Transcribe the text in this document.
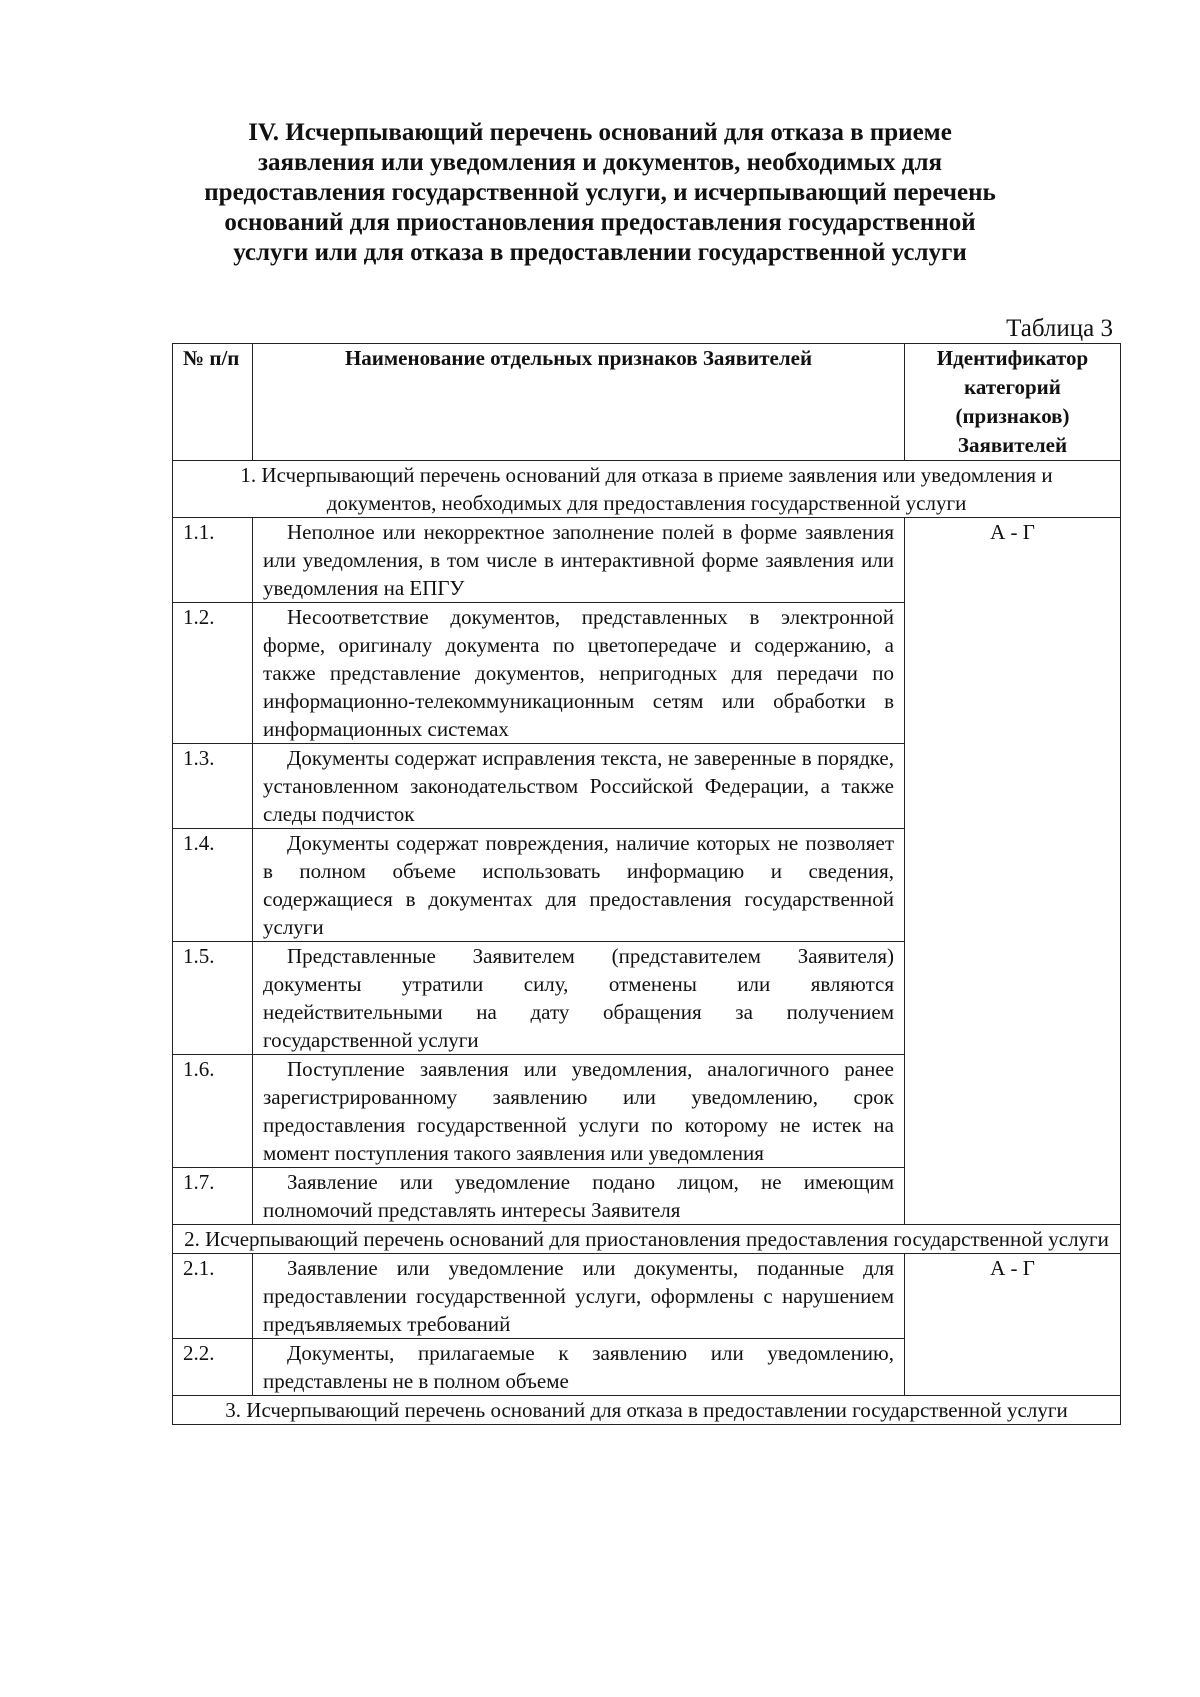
IV. Исчерпывающий перечень оснований для отказа в приеме
заявления или уведомления и документов, необходимых для
предоставления государственной услуги, и исчерпывающий перечень
оснований для приостановления предоставления государственной
услуги или для отказа в предоставлении государственной услуги
Таблица 3
№ п/п	Наименование отдельных признаков Заявителей	Идентификатор категорий (признаков) Заявителей
1. Исчерпывающий перечень оснований для отказа в приеме заявления или уведомления и документов, необходимых для предоставления государственной услуги		
1.1.	Неполное или некорректное заполнение полей в форме заявления или уведомления, в том числе в интерактивной форме заявления или уведомления на ЕПГУ	А - Г
1.2.	Несоответствие документов, представленных в электронной форме, оригиналу документа по цветопередаче и содержанию, а также представление документов, непригодных для передачи по информационно-телекоммуникационным сетям или обработки в информационных системах	
1.3.	Документы содержат исправления текста, не заверенные в порядке, установленном законодательством Российской Федерации, а также следы подчисток	
1.4.	Документы содержат повреждения, наличие которых не позволяет в полном объеме использовать информацию и сведения, содержащиеся в документах для предоставления государственной услуги	
1.5.	Представленные Заявителем (представителем Заявителя) документы утратили силу, отменены или являются недействительными на дату обращения за получением государственной услуги	
1.6.	Поступление заявления или уведомления, аналогичного ранее зарегистрированному заявлению или уведомлению, срок предоставления государственной услуги по которому не истек на момент поступления такого заявления или уведомления	
1.7.	Заявление или уведомление подано лицом, не имеющим полномочий представлять интересы Заявителя	
2. Исчерпывающий перечень оснований для приостановления предоставления государственной услуги		
2.1.	Заявление или уведомление или документы, поданные для предоставлении государственной услуги, оформлены с нарушением предъявляемых требований	А - Г
2.2.	Документы, прилагаемые к заявлению или уведомлению, представлены не в полном объеме	
3. Исчерпывающий перечень оснований для отказа в предоставлении государственной услуги		
